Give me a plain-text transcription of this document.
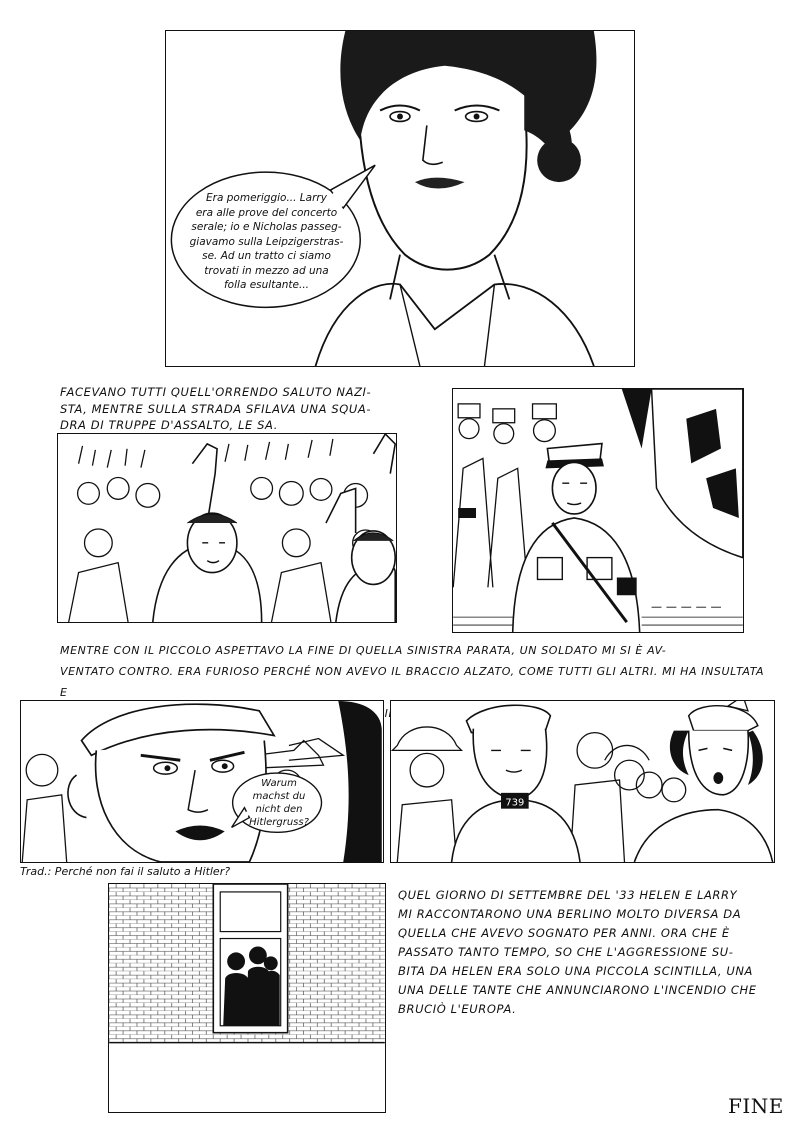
Era pomeriggio... Larry
era alle prove del concerto
serale; io e Nicholas passeg-
giavamo sulla Leipzigerstras-
se. Ad un tratto ci siamo
trovati in mezzo ad una
folla esultante...
FACEVANO TUTTI QUELL'ORRENDO SALUTO NAZI-
STA, MENTRE SULLA STRADA SFILAVA UNA SQUA-
DRA DI TRUPPE D'ASSALTO, LE SA.
MENTRE CON IL PICCOLO ASPETTAVO LA FINE DI QUELLA SINISTRA PARATA, UN SOLDATO MI SI È AV-
VENTATO CONTRO. ERA FURIOSO PERCHÉ NON AVEVO IL BRACCIO ALZATO, COME TUTTI GLI ALTRI. MI HA INSULTATA E

Warum
machst du
nicht den
Hitlergruss?
739
Trad.: Perché non fai il saluto a Hitler?
QUEL GIORNO DI SETTEMBRE DEL '33 HELEN E LARRY
MI RACCONTARONO UNA BERLINO MOLTO DIVERSA DA
QUELLA CHE AVEVO SOGNATO PER ANNI. ORA CHE È
PASSATO TANTO TEMPO, SO CHE L'AGGRESSIONE SU-
BITA DA HELEN ERA SOLO UNA PICCOLA SCINTILLA, UNA
UNA DELLE TANTE CHE ANNUNCIARONO L'INCENDIO CHE
BRUCIÒ L'EUROPA.
FINE
